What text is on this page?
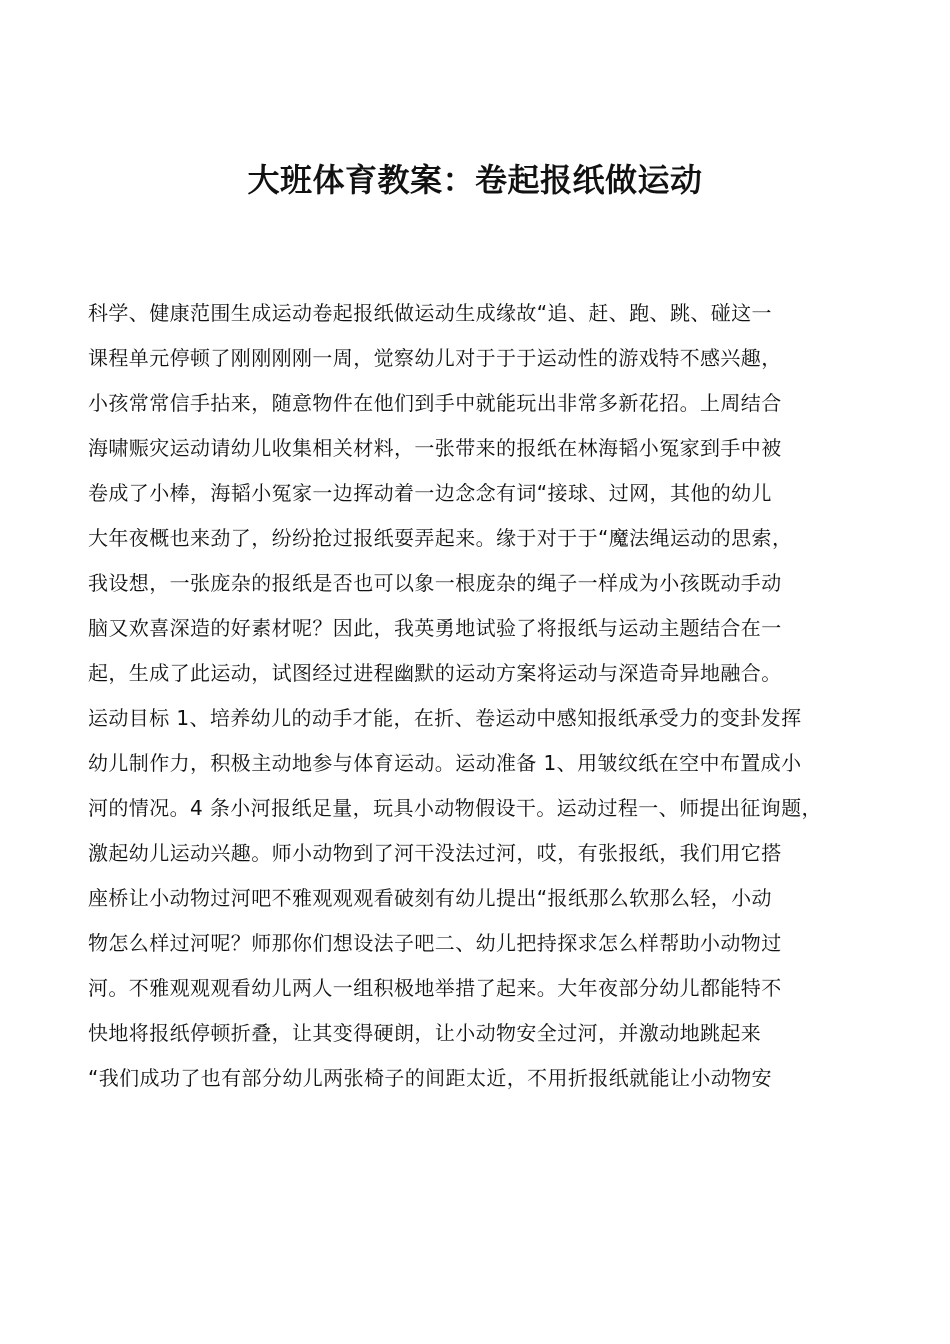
大班体育教案：卷起报纸做运动
科学、健康范围生成运动卷起报纸做运动生成缘故“追、赶、跑、跳、碰这一
课程单元停顿了刚刚刚刚一周，觉察幼儿对于于于运动性的游戏特不感兴趣，
小孩常常信手拈来，随意物件在他们到手中就能玩出非常多新花招。上周结合
海啸赈灾运动请幼儿收集相关材料，一张带来的报纸在林海韬小冤家到手中被
卷成了小棒，海韬小冤家一边挥动着一边念念有词“接球、过网，其他的幼儿
大年夜概也来劲了，纷纷抢过报纸耍弄起来。缘于对于于“魔法绳运动的思索，
我设想，一张庞杂的报纸是否也可以象一根庞杂的绳子一样成为小孩既动手动
脑又欢喜深造的好素材呢？因此，我英勇地试验了将报纸与运动主题结合在一
起，生成了此运动，试图经过进程幽默的运动方案将运动与深造奇异地融合。
运动目标 1、培养幼儿的动手才能，在折、卷运动中感知报纸承受力的变卦发挥
幼儿制作力，积极主动地参与体育运动。运动准备 1、用皱纹纸在空中布置成小
河的情况。4 条小河报纸足量，玩具小动物假设干。运动过程一、师提出征询题，
激起幼儿运动兴趣。师小动物到了河干没法过河，哎，有张报纸，我们用它搭
座桥让小动物过河吧不雅观观观看破刻有幼儿提出“报纸那么软那么轻，小动
物怎么样过河呢？师那你们想设法子吧二、幼儿把持探求怎么样帮助小动物过
河。不雅观观观看幼儿两人一组积极地举措了起来。大年夜部分幼儿都能特不
快地将报纸停顿折叠，让其变得硬朗，让小动物安全过河，并激动地跳起来
“我们成功了也有部分幼儿两张椅子的间距太近，不用折报纸就能让小动物安
